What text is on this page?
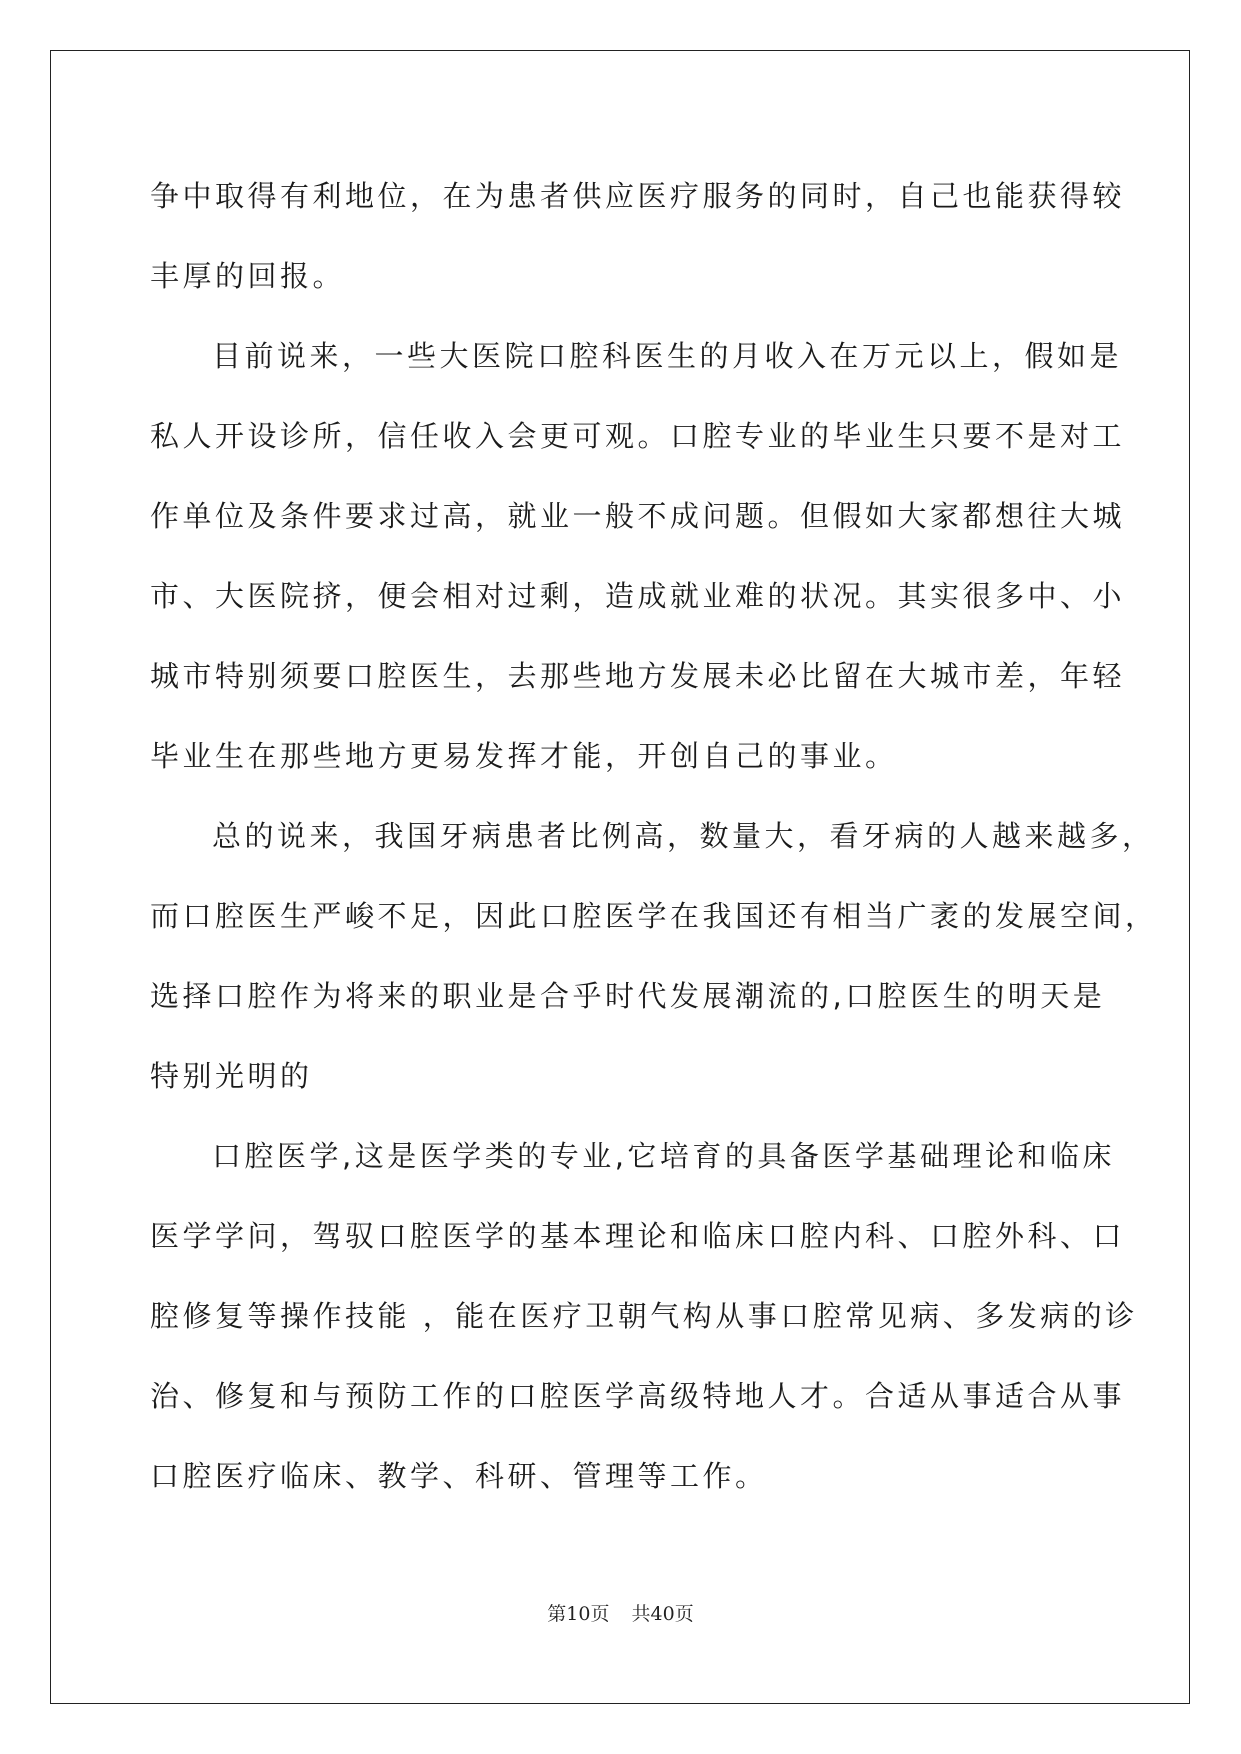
争中取得有利地位，在为患者供应医疗服务的同时，自己也能获得较
丰厚的回报。
目前说来，一些大医院口腔科医生的月收入在万元以上，假如是
私人开设诊所，信任收入会更可观。口腔专业的毕业生只要不是对工
作单位及条件要求过高，就业一般不成问题。但假如大家都想往大城
市、大医院挤，便会相对过剩，造成就业难的状况。其实很多中、小
城市特别须要口腔医生，去那些地方发展未必比留在大城市差，年轻
毕业生在那些地方更易发挥才能，开创自己的事业。
总的说来，我国牙病患者比例高，数量大，看牙病的人越来越多，
而口腔医生严峻不足，因此口腔医学在我国还有相当广袤的发展空间，
选择口腔作为将来的职业是合乎时代发展潮流的,口腔医生的明天是
特别光明的
口腔医学,这是医学类的专业,它培育的具备医学基础理论和临床
医学学问，驾驭口腔医学的基本理论和临床口腔内科、口腔外科、口
腔修复等操作技能 ，能在医疗卫朝气构从事口腔常见病、多发病的诊
治、修复和与预防工作的口腔医学高级特地人才。合适从事适合从事
口腔医疗临床、教学、科研、管理等工作。
第10页 共40页
